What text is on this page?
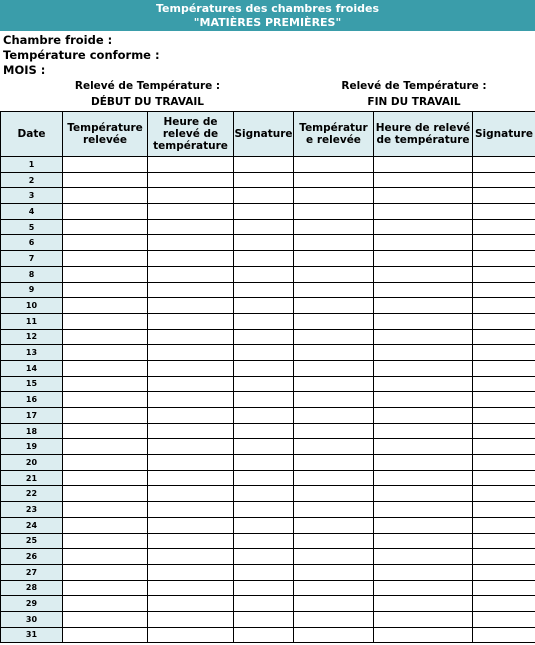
Températures des chambres froides
"MATIÈRES PREMIÈRES"
Chambre froide :
Température conforme :
MOIS :
Relevé de Température :
DÉBUT DU TRAVAIL
Relevé de Température :
FIN DU TRAVAIL
Date	Température relevée	Heure de relevé de température	Signature	Températur e relevée	Heure de relevé de température	Signature
1						
2						
3						
4						
5						
6						
7						
8						
9						
10						
11						
12						
13						
14						
15						
16						
17						
18						
19						
20						
21						
22						
23						
24						
25						
26						
27						
28						
29						
30						
31						
